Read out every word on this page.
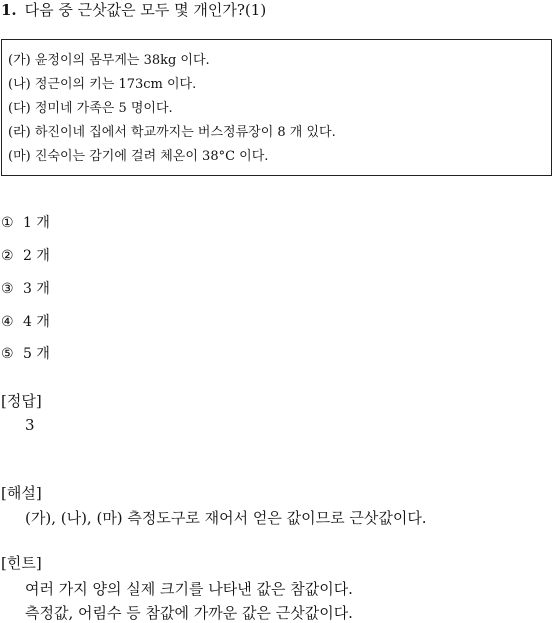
1. 다음 중 근삿값은 모두 몇 개인가?(1)
(가) 윤정이의 몸무게는 38kg 이다.
(나) 정근이의 키는 173cm 이다.
(다) 정미네 가족은 5 명이다.
(라) 하진이네 집에서 학교까지는 버스정류장이 8 개 있다.
(마) 진숙이는 감기에 걸려 체온이 38°C 이다.
① 1 개
② 2 개
③ 3 개
④ 4 개
⑤ 5 개
[정답]
3
[해설]
(가), (나), (마) 측정도구로 재어서 얻은 값이므로 근삿값이다.
[힌트]
여러 가지 양의 실제 크기를 나타낸 값은 참값이다.
측정값, 어림수 등 참값에 가까운 값은 근삿값이다.
